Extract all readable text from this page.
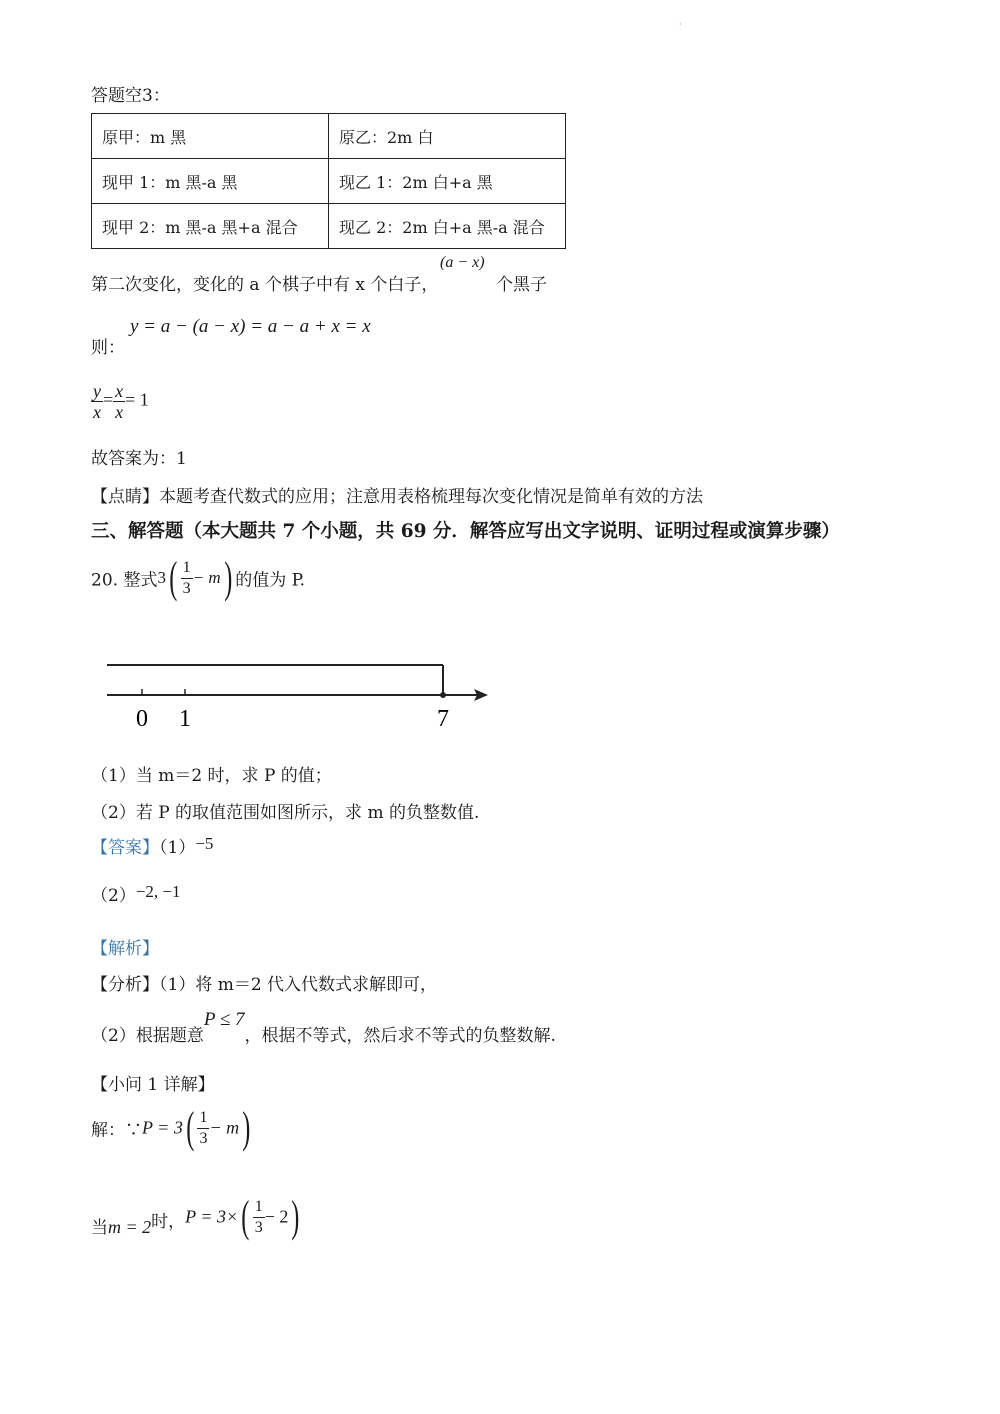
·
答题空3：
原甲：m 黑	原乙：2m 白
现甲 1：m 黑-a 黑	现乙 1：2m 白+a 黑
现甲 2：m 黑-a 黑+a 混合	现乙 2：2m 白+a 黑-a 混合
第二次变化，变化的 a 个棋子中有 x 个白子，
(a − x)
个黑子
则：
y = a − (a − x) = a − a + x = x
$\frac{y}{x} = \frac{x}{x} = 1$
故答案为：1
【点睛】本题考查代数式的应用；注意用表格梳理每次变化情况是简单有效的方法
三、解答题（本大题共 7 个小题，共 69 分．解答应写出文字说明、证明过程或演算步骤）
20. 整式$3( \frac{1}{3} - m)$ 的值为 P.
0 1	7
（1）当 m＝2 时，求 P 的值；
（2）若 P 的取值范围如图所示，求 m 的负整数值.
【答案】（1）−5
（2）−2, −1
【解析】
【分析】（1）将 m＝2 代入代数式求解即可，
（2）根据题意P ≤ 7，根据不等式，然后求不等式的负整数解.
【小问 1 详解】
解：∵P = $3( \frac{1}{3} - m)$
当m = 2时，$P = 3\times( \frac{1}{3} - 2)$
